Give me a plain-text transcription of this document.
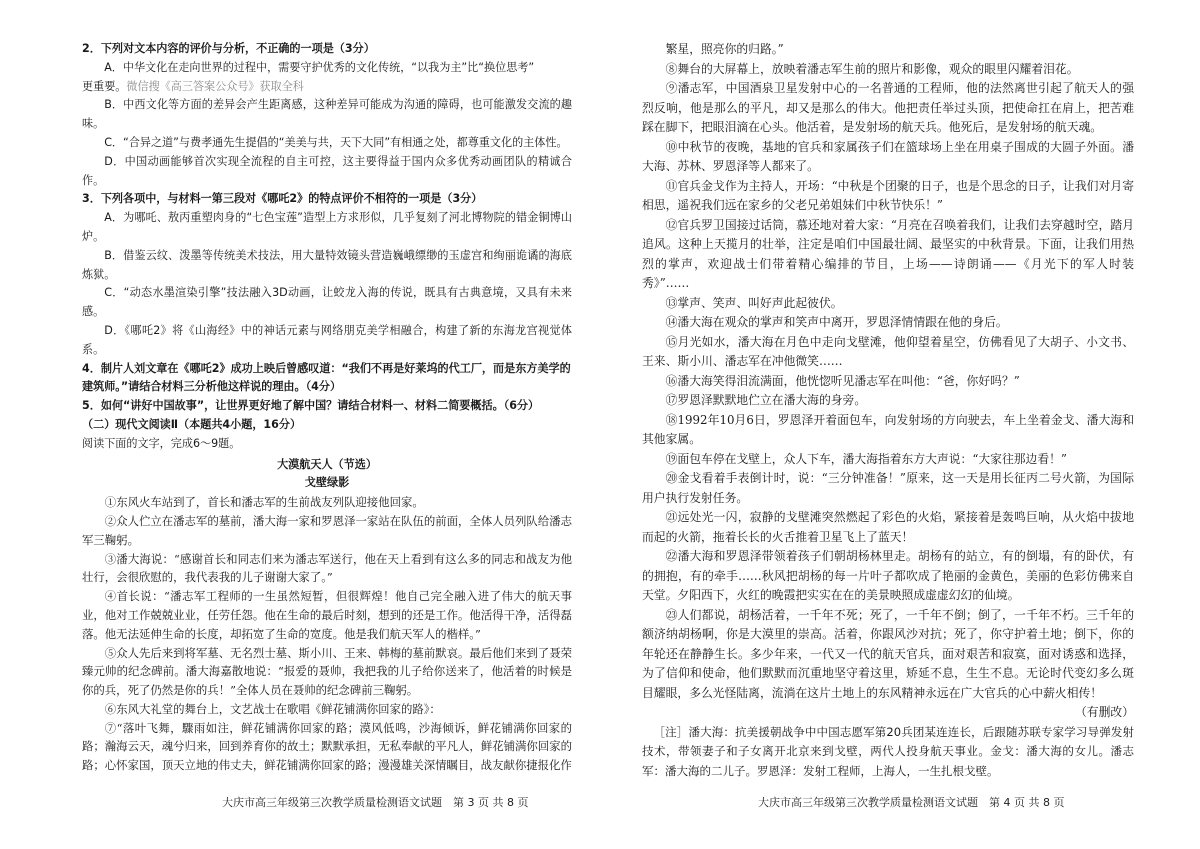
2．下列对文本内容的评价与分析，不正确的一项是（3分）

A．中华文化在走向世界的过程中，需要守护优秀的文化传统，“以我为主”比“换位思考”

更重要。微信搜《高三答案公众号》获取全科

B．中西文化等方面的差异会产生距离感，这种差异可能成为沟通的障碍，也可能激发交流的趣味。

C．“合异之道”与费孝通先生提倡的“美美与共，天下大同”有相通之处，都尊重文化的主体性。

D．中国动画能够首次实现全流程的自主可控，这主要得益于国内众多优秀动画团队的精诚合作。

3．下列各项中，与材料一第三段对《哪吒2》的特点评价不相符的一项是（3分）

A．为哪吒、敖丙重塑肉身的“七色宝莲”造型上方求形似，几乎复刻了河北博物院的错金铜博山炉。

B．借鉴云纹、泼墨等传统美术技法，用大量特效镜头营造巍峨缥缈的玉虚宫和绚丽诡谲的海底炼狱。

C．“动态水墨渲染引擎”技法融入3D动画，让蛟龙入海的传说，既具有古典意境，又具有未来感。

D．《哪吒2》将《山海经》中的神话元素与网络朋克美学相融合，构建了新的东海龙宫视觉体系。

4．制片人刘文章在《哪吒2》成功上映后曾感叹道：“我们不再是好莱坞的代工厂，而是东方美学的建筑师。”请结合材料三分析他这样说的理由。（4分）

5．如何“讲好中国故事”，让世界更好地了解中国？请结合材料一、材料二简要概括。（6分）

（二）现代文阅读Ⅱ（本题共4小题，16分）

阅读下面的文字，完成6～9题。

大漠航天人（节选）

戈壁绿影

①东风火车站到了，首长和潘志军的生前战友列队迎接他回家。

②众人伫立在潘志军的墓前，潘大海一家和罗恩泽一家站在队伍的前面，全体人员列队给潘志军三鞠躬。

③潘大海说：“感谢首长和同志们来为潘志军送行，他在天上看到有这么多的同志和战友为他壮行，会很欣慰的，我代表我的儿子谢谢大家了。”

④首长说：“潘志军工程师的一生虽然短暂，但很辉煌！他自己完全融入进了伟大的航天事业，他对工作兢兢业业，任劳任怨。他在生命的最后时刻，想到的还是工作。他活得干净，活得磊落。他无法延伸生命的长度，却拓宽了生命的宽度。他是我们航天军人的楷样。”

⑤众人先后来到将军墓、无名烈士墓、斯小川、王来、韩梅的墓前默哀。最后他们来到了聂荣臻元帅的纪念碑前。潘大海嘉散地说：“报爱的聂帅，我把我的儿子给你送来了，他活着的时候是你的兵，死了仍然是你的兵！”全体人员在聂帅的纪念碑前三鞠躬。

⑥东风大礼堂的舞台上，文艺战士在歌唱《鲜花铺满你回家的路》：

⑦“落叶飞舞，驟雨如注，鲜花铺满你回家的路；漠风低鸣，沙海倾诉，鲜花铺满你回家的路；瀚海云天，魂兮归来，回到养育你的故土；默默承担，无私奉献的平凡人，鲜花铺满你回家的路；心怀家国，顶天立地的伟丈夫，鲜花铺满你回家的路；漫漫雄关深情瞩目，战友献你捷报化作

繁星，照亮你的归路。”

⑧舞台的大屏幕上，放映着潘志军生前的照片和影像，观众的眼里闪耀着泪花。

⑨潘志军，中国酒泉卫星发射中心的一名普通的工程师，他的法然离世引起了航天人的强烈反响，他是那么的平凡，却又是那么的伟大。他把责任举过头顶，把使命扛在肩上，把苦难踩在脚下，把眼泪滴在心头。他活着，是发射场的航天兵。他死后，是发射场的航天魂。

⑩中秋节的夜晚，基地的官兵和家属孩子们在篮球场上坐在用桌子围成的大圆子外面。潘大海、苏林、罗恩泽等人都来了。

⑪官兵金戈作为主持人，开场：“中秋是个团聚的日子，也是个思念的日子，让我们对月寄相思，遥祝我们远在家乡的父老兄弟姐妹们中秋节快乐！”

⑫官兵罗卫国接过话筒，慕还地对着大家：“月亮在召唤着我们，让我们去穿越时空，踏月追风。这种上天揽月的壮举，注定是咱们中国最壮阔、最坚实的中秋背景。下面，让我们用热烈的掌声，欢迎战士们带着精心编排的节目，上场——诗朗诵——《月光下的军人时装秀》”……

⑬掌声、笑声、叫好声此起彼伏。

⑭潘大海在观众的掌声和笑声中离开，罗恩泽情情跟在他的身后。

⑮月光如水，潘大海在月色中走向戈壁滩，他仰望着星空，仿佛看见了大胡子、小文书、王来、斯小川、潘志军在冲他微笑……

⑯潘大海笑得泪流满面，他恍惚听见潘志军在叫他：“爸，你好吗？”

⑰罗恩泽默默地伫立在潘大海的身旁。

⑱1992年10月6日，罗恩泽开着面包车，向发射场的方向驶去，车上坐着金戈、潘大海和其他家属。

⑲面包车停在戈壁上，众人下车，潘大海指着东方大声说：“大家往那边看！”

⑳金戈看着手表倒计时，说：“三分钟准备！”原来，这一天是用长征丙二号火箭，为国际用户执行发射任务。

㉑远处光一闪，寂静的戈壁滩突然燃起了彩色的火焰，紧接着是轰鸣巨响，从火焰中拔地而起的火箭，拖着长长的火舌推着卫星飞上了蓝天！

㉒潘大海和罗恩泽带领着孩子们朝胡杨林里走。胡杨有的站立，有的倒塌，有的卧伏，有的拥抱，有的牵手……秋风把胡杨的每一片叶子都吹成了艳丽的金黄色，美丽的色彩仿佛来自天堂。夕阳西下，火红的晚霞把实实在在的美景映照成虚虚幻幻的仙境。

㉓人们都说，胡杨活着，一千年不死；死了，一千年不倒；倒了，一千年不朽。三千年的额济纳胡杨啊，你是大漠里的崇高。活着，你跟风沙对抗；死了，你守护着土地；倒下，你的年轮还在静静生长。多少年来，一代又一代的航天官兵，面对艰苦和寂寞，面对诱惑和选择，为了信仰和使命，他们默默而沉重地坚守着这里，矫延不息，生生不息。无论时代变幻多么斑目耀眼，多么光怪陆离，流淌在这片土地上的东风精神永远在广大官兵的心中薪火相传！

（有删改）

［注］潘大海：抗美援朝战争中中国志愿军第20兵团某连连长，后跟随苏联专家学习导弹发射技术，带领妻子和子女离开北京来到戈壁，两代人投身航天事业。金戈：潘大海的女儿。潘志军：潘大海的二儿子。罗恩泽：发射工程师，上海人，一生扎根戈壁。

大庆市高三年级第三次教学质量检测语文试题　第 3 页 共 8 页	大庆市高三年级第三次教学质量检测语文试题　第 4 页 共 8 页
